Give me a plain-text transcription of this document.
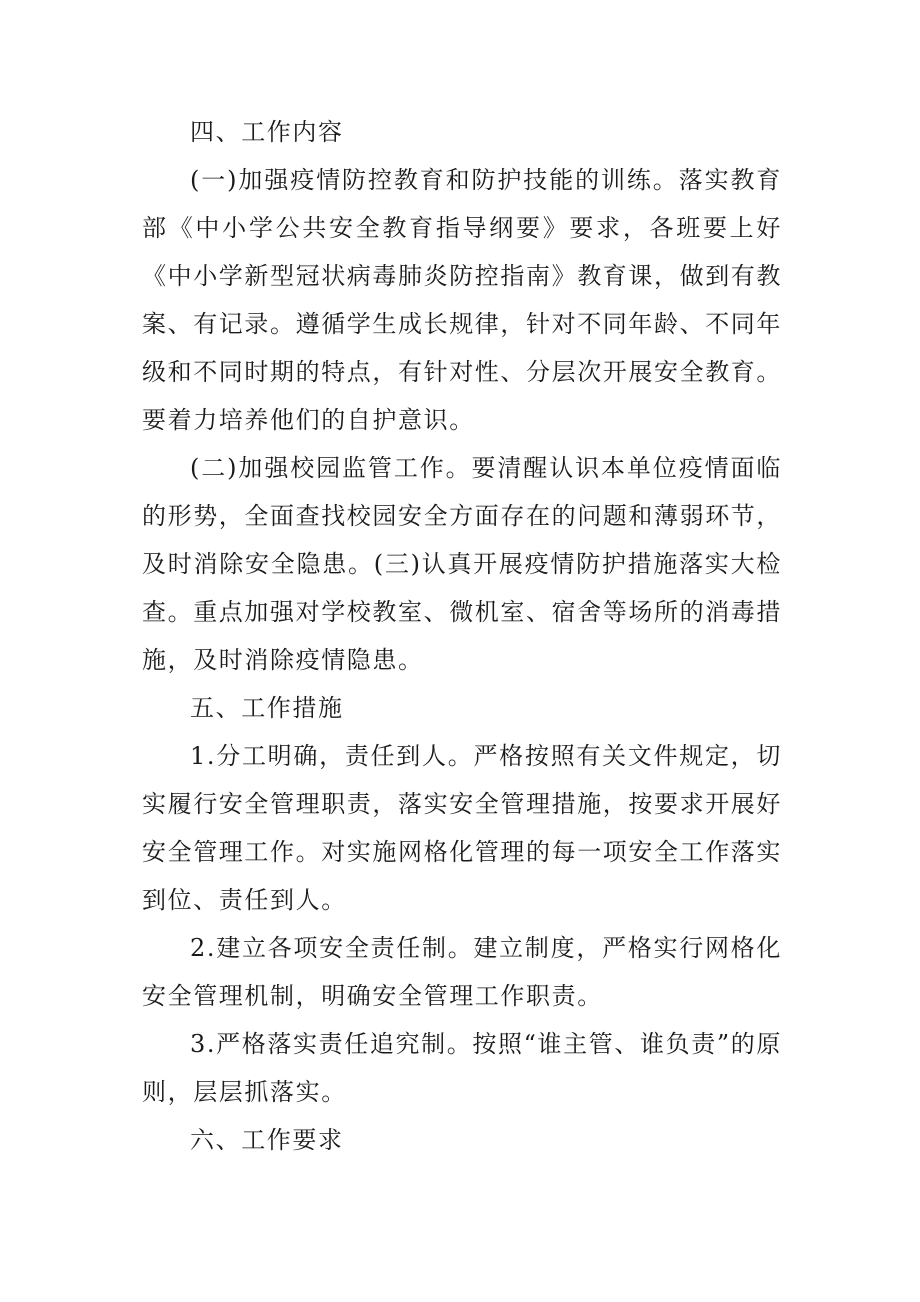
四、工作内容

(一)加强疫情防控教育和防护技能的训练。落实教育部《中小学公共安全教育指导纲要》要求，各班要上好《中小学新型冠状病毒肺炎防控指南》教育课，做到有教案、有记录。遵循学生成长规律，针对不同年龄、不同年级和不同时期的特点，有针对性、分层次开展安全教育。要着力培养他们的自护意识。

(二)加强校园监管工作。要清醒认识本单位疫情面临的形势，全面查找校园安全方面存在的问题和薄弱环节，及时消除安全隐患。(三)认真开展疫情防护措施落实大检查。重点加强对学校教室、微机室、宿舍等场所的消毒措施，及时消除疫情隐患。

五、工作措施

1.分工明确，责任到人。严格按照有关文件规定，切实履行安全管理职责，落实安全管理措施，按要求开展好安全管理工作。对实施网格化管理的每一项安全工作落实到位、责任到人。

2.建立各项安全责任制。建立制度，严格实行网格化安全管理机制，明确安全管理工作职责。

3.严格落实责任追究制。按照“谁主管、谁负责”的原则，层层抓落实。

六、工作要求
